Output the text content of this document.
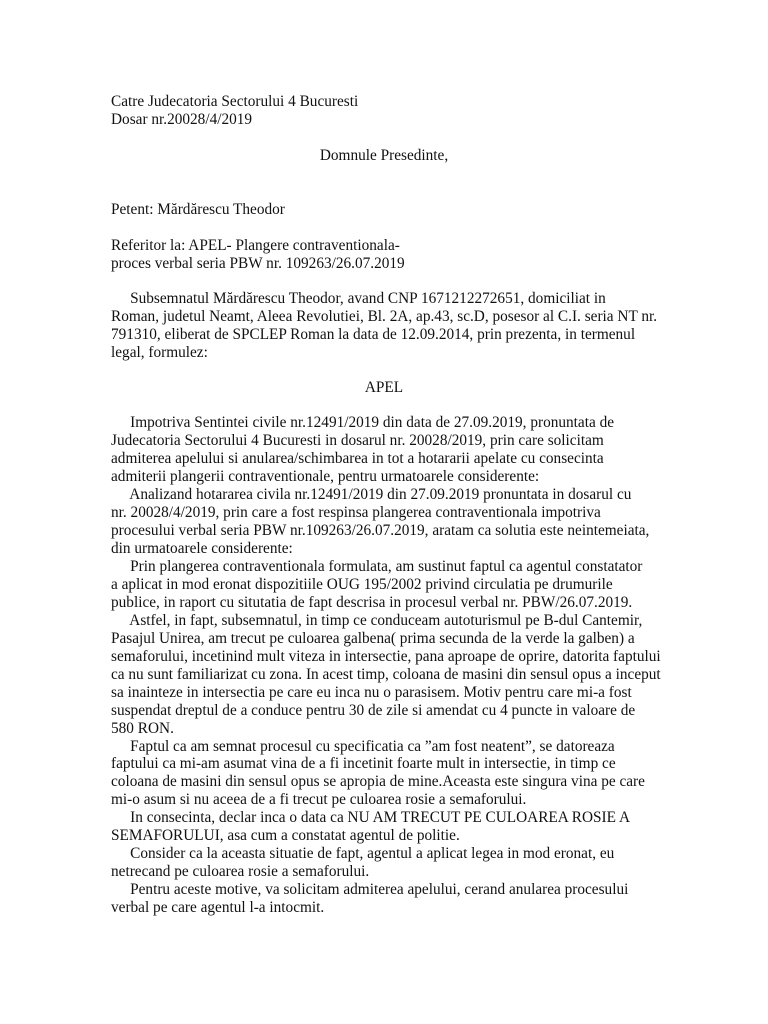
Catre Judecatoria Sectorului 4 Bucuresti
Dosar nr.20028/4/2019
Domnule Presedinte,
Petent: Mărdărescu Theodor
Referitor la: APEL- Plangere contraventionala-
proces verbal seria PBW nr. 109263/26.07.2019
Subsemnatul Mărdărescu Theodor, avand CNP 1671212272651, domiciliat in
Roman, judetul Neamt, Aleea Revolutiei, Bl. 2A, ap.43, sc.D, posesor al C.I. seria NT nr.
791310, eliberat de SPCLEP Roman la data de 12.09.2014, prin prezenta, in termenul
legal, formulez:
APEL
Impotriva Sentintei civile nr.12491/2019 din data de 27.09.2019, pronuntata de
Judecatoria Sectorului 4 Bucuresti in dosarul nr. 20028/2019, prin care solicitam
admiterea apelului si anularea/schimbarea in tot a hotararii apelate cu consecinta
admiterii plangerii contraventionale, pentru urmatoarele considerente:
Analizand hotararea civila nr.12491/2019 din 27.09.2019 pronuntata in dosarul cu
nr. 20028/4/2019, prin care a fost respinsa plangerea contraventionala impotriva
procesului verbal seria PBW nr.109263/26.07.2019, aratam ca solutia este neintemeiata,
din urmatoarele considerente:
Prin plangerea contraventionala formulata, am sustinut faptul ca agentul constatator
a aplicat in mod eronat dispozitiile OUG 195/2002 privind circulatia pe drumurile
publice, in raport cu situtatia de fapt descrisa in procesul verbal nr. PBW/26.07.2019.
Astfel, in fapt, subsemnatul, in timp ce conduceam autoturismul pe B-dul Cantemir,
Pasajul Unirea, am trecut pe culoarea galbena( prima secunda de la verde la galben) a
semaforului, incetinind mult viteza in intersectie, pana aproape de oprire, datorita faptului
ca nu sunt familiarizat cu zona. In acest timp, coloana de masini din sensul opus a inceput
sa inainteze in intersectia pe care eu inca nu o parasisem. Motiv pentru care mi-a fost
suspendat dreptul de a conduce pentru 30 de zile si amendat cu 4 puncte in valoare de
580 RON.
Faptul ca am semnat procesul cu specificatia ca ”am fost neatent”, se datoreaza
faptului ca mi-am asumat vina de a fi incetinit foarte mult in intersectie, in timp ce
coloana de masini din sensul opus se apropia de mine.Aceasta este singura vina pe care
mi-o asum si nu aceea de a fi trecut pe culoarea rosie a semaforului.
In consecinta, declar inca o data ca NU AM TRECUT PE CULOAREA ROSIE A
SEMAFORULUI, asa cum a constatat agentul de politie.
Consider ca la aceasta situatie de fapt, agentul a aplicat legea in mod eronat, eu
netrecand pe culoarea rosie a semaforului.
Pentru aceste motive, va solicitam admiterea apelului, cerand anularea procesului
verbal pe care agentul l-a intocmit.
